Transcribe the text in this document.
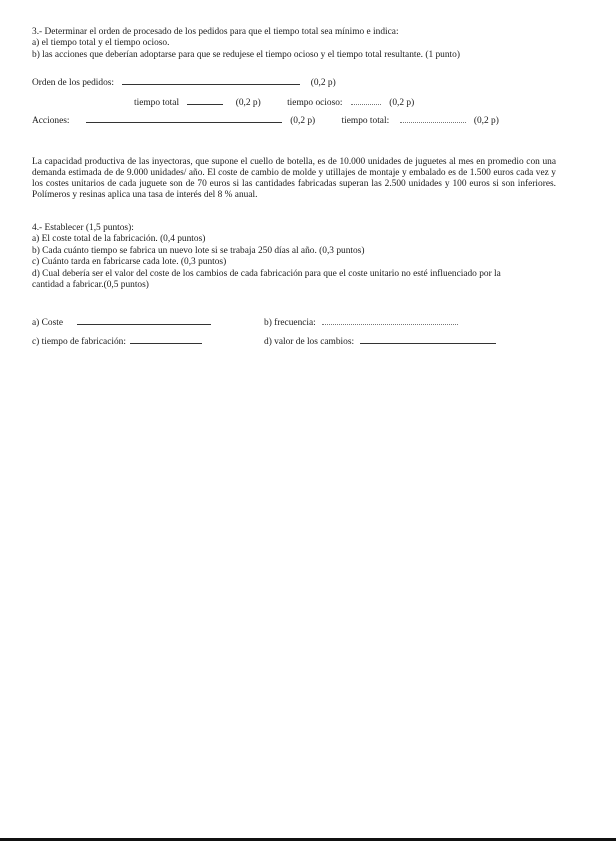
3.- Determinar el orden de procesado de los pedidos para que el tiempo total sea mínimo e indica:
a) el tiempo total y el tiempo ocioso.
b) las acciones que deberían adoptarse para que se redujese el tiempo ocioso y el tiempo total resultante. (1 punto)
Orden de los pedidos:	(0,2 p)
tiempo total	(0,2 p)	tiempo ocioso:	(0,2 p)
Acciones:	(0,2 p)	tiempo total:	(0,2 p)
La capacidad productiva de las inyectoras, que supone el cuello de botella, es de 10.000 unidades de juguetes al mes en promedio con una demanda estimada de de 9.000 unidades/ año. El coste de cambio de molde y utillajes de montaje y embalado es de 1.500 euros cada vez y los costes unitarios de cada juguete son de 70 euros si las cantidades fabricadas superan las 2.500 unidades y 100 euros si son inferiores. Polímeros y resinas aplica una tasa de interés del 8 % anual.
4.- Establecer (1,5 puntos):
a) El coste total de la fabricación. (0,4 puntos)
b) Cada cuánto tiempo se fabrica un nuevo lote si se trabaja 250 días al año. (0,3 puntos)
c) Cuánto tarda en fabricarse cada lote. (0,3 puntos)
d) Cual debería ser el valor del coste de los cambios de cada fabricación para que el coste unitario no esté influenciado por la cantidad a fabricar.(0,5 puntos)
a) Coste	b) frecuencia:
c) tiempo de fabricación:	d) valor de los cambios:
